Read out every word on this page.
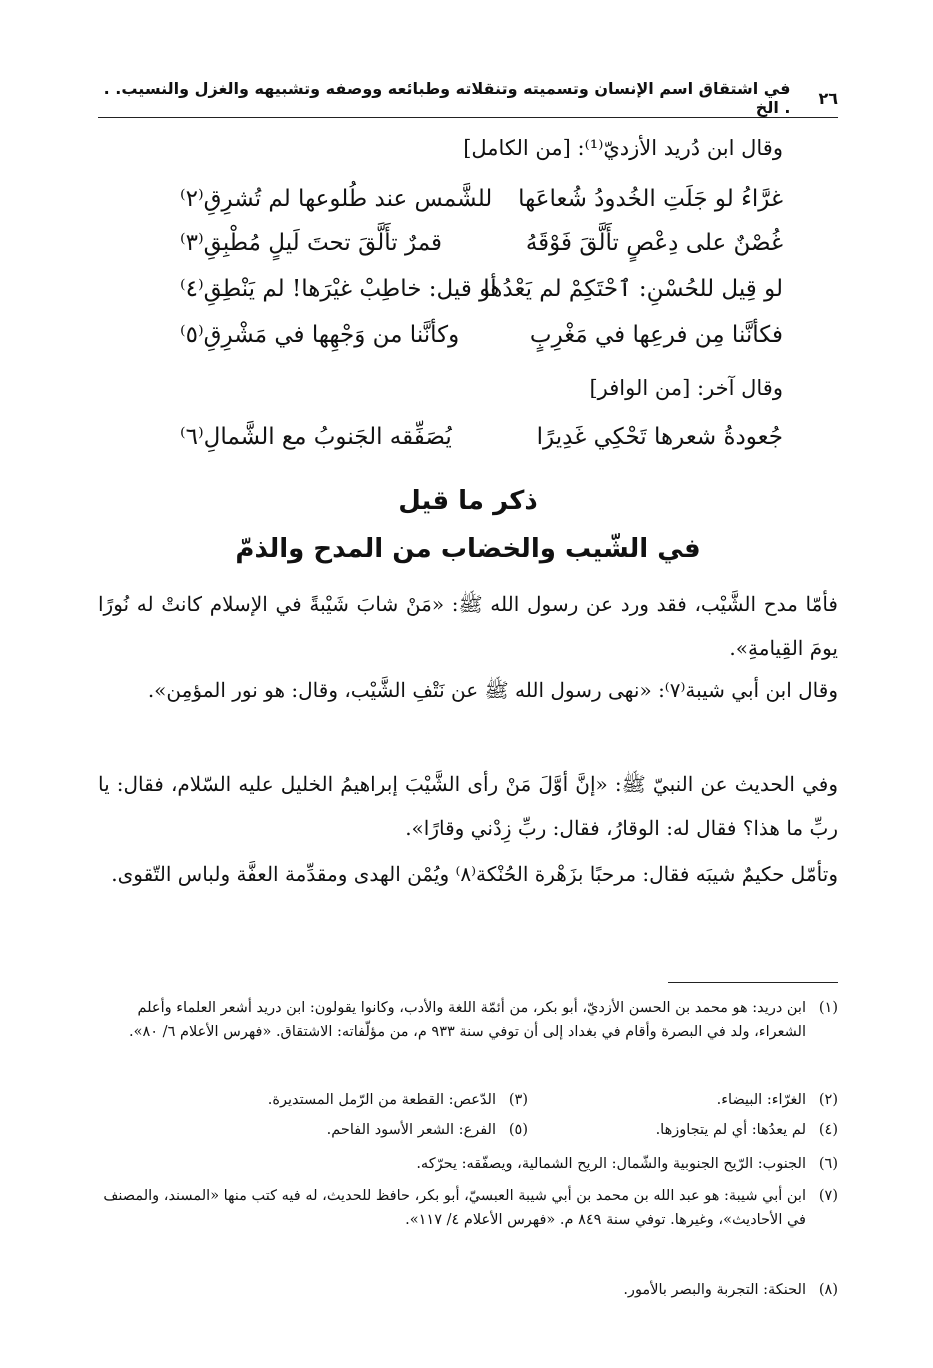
٢٦
في اشتقاق اسم الإنسان وتسميته وتنقلاته وطبائعه ووصفه وتشبيهه والغزل والنسيب. . . الخ
وقال ابن دُريد الأزديّ⁽¹⁾: [من الكامل]
غرَّاءُ لو جَلَتِ الخُدودُ شُعاعَها
للشَّمس عند طُلوعها لم تُشرِقِ⁽٢⁾
غُصْنٌ على دِعْصٍ تأَلَّقَ فَوْقَهُ
قمرٌ تأَلَّقَ تحتَ لَيلٍ مُطْبِقِ⁽٣⁾
لو قِيل للحُسْنِ: ٱحْتَكِمْ لم يَعْدُها
أو قيل: خاطِبْ غيْرَها! لم يَنْطِقِ⁽٤⁾
فكأنَّنا مِن فرعِها في مَغْرِبٍ
وكأنَّنا من وَجْهِها في مَشْرِقِ⁽٥⁾
وقال آخر: [من الوافر]
جُعودةُ شعرها تَحْكِي غَدِيرًا
يُصَفِّقه الجَنوبُ مع الشَّمالِ⁽٦⁾
ذكر ما قيل
في الشّيب والخضاب من المدح والذمّ
فأمّا مدح الشَّيْب، فقد ورد عن رسول الله ﷺ: «مَنْ شابَ شَيْبةً في الإسلام كانتْ له نُورًا يومَ القِيامةِ».
وقال ابن أبي شيبة⁽٧⁾: «نهى رسول الله ﷺ عن نَتْفِ الشَّيْب، وقال: هو نور المؤمِن».
وفي الحديث عن النبيّ ﷺ: «إنَّ أوَّلَ مَنْ رأى الشَّيْبَ إبراهيمُ الخليل عليه السّلام، فقال: يا ربِّ ما هذا؟ فقال له: الوقارُ، فقال: ربِّ زِدْني وقارًا».
وتأمّل حكيمٌ شيبَه فقال: مرحبًا بزَهْرة الحُنْكة⁽٨⁾ ويُمْن الهدى ومقدِّمة العفَّة ولباس التّقوى.
(١)
ابن دريد: هو محمد بن الحسن الأزديّ، أبو بكر، من أئمّة اللغة والأدب، وكانوا يقولون: ابن دريد أشعر العلماء وأعلم الشعراء، ولد في البصرة وأقام في بغداد إلى أن توفي سنة ٩٣٣ م، من مؤلّفاته: الاشتقاق. «فهرس الأعلام ٦/ ٨٠».
(٢)
الغرّاء: البيضاء.
(٣)
الدّعص: القطعة من الرّمل المستديرة.
(٤)
لم يعدُها: أي لم يتجاوزها.
(٥)
الفرع: الشعر الأسود الفاحم.
(٦)
الجنوب: الرّيح الجنوبية والشّمال: الريح الشمالية، ويصفّقه: يحرّكه.
(٧)
ابن أبي شيبة: هو عبد الله بن محمد بن أبي شيبة العبسيّ، أبو بكر، حافظ للحديث، له فيه كتب منها «المسند، والمصنف في الأحاديث»، وغيرها. توفي سنة ٨٤٩ م. «فهرس الأعلام ٤/ ١١٧».
(٨)
الحنكة: التجربة والبصر بالأمور.
